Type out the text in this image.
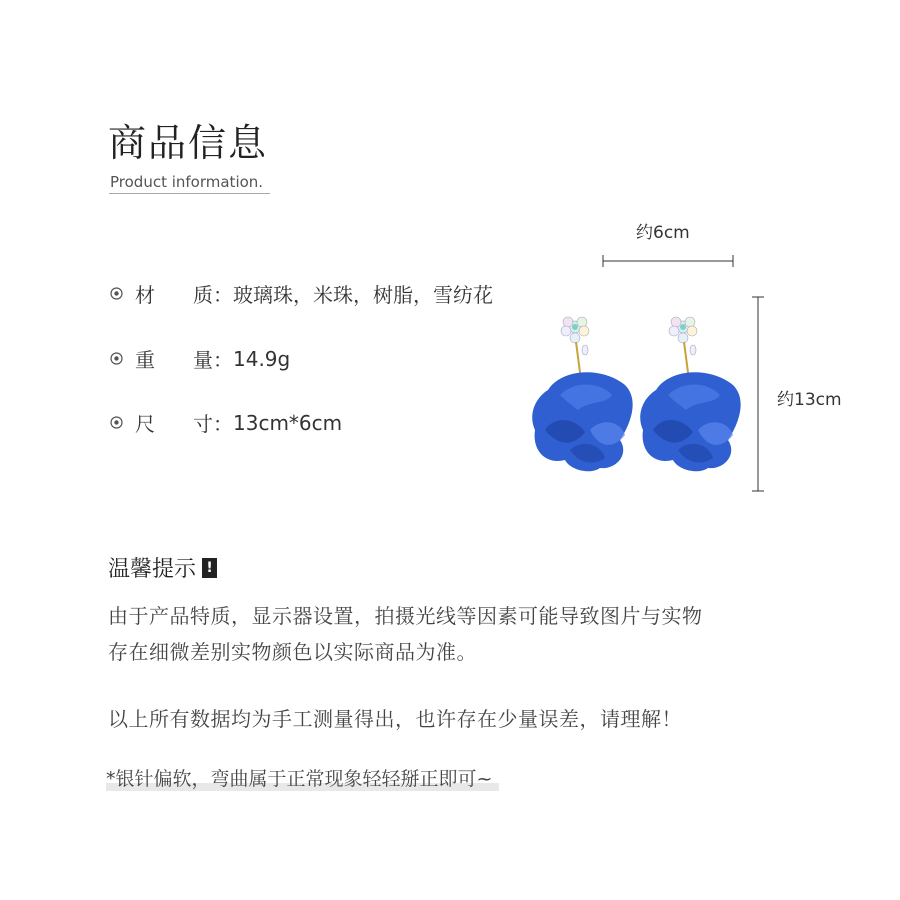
商品信息
Product information.
材	质： 玻璃珠，米珠，树脂，雪纺花
重	量： 14.9g
尺	寸： 13cm*6cm
约6cm
约13cm
温馨提示 !
由于产品特质，显示器设置，拍摄光线等因素可能导致图片与实物
存在细微差别实物颜色以实际商品为准。
以上所有数据均为手工测量得出，也许存在少量误差，请理解！
*银针偏软，弯曲属于正常现象轻轻掰正即可~
